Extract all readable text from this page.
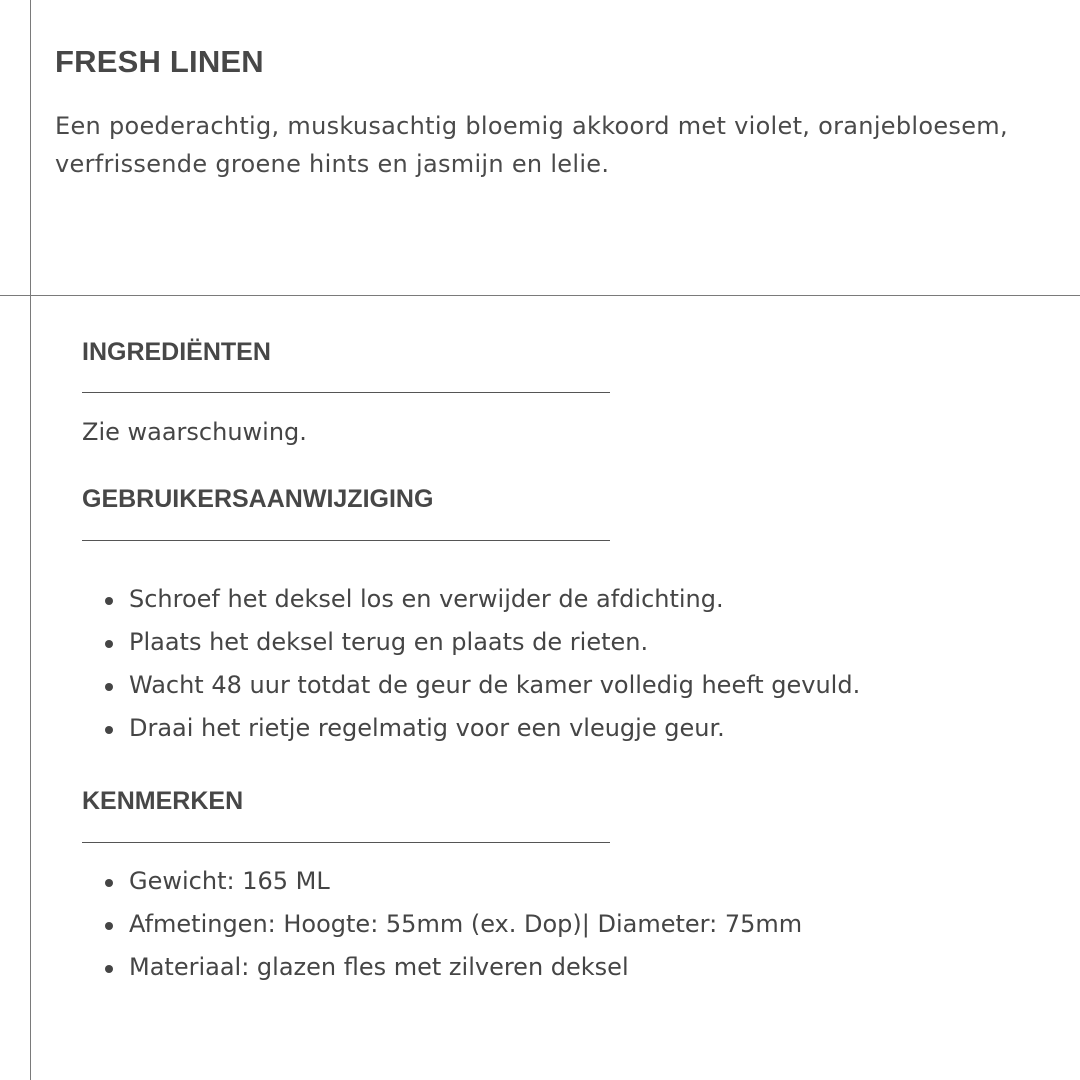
FRESH LINEN

Een poederachtig, muskusachtig bloemig akkoord met violet, oranjebloesem, verfrissende groene hints en jasmijn en lelie.

INGREDIËNTEN

Zie waarschuwing.

GEBRUIKERSAANWIJZIGING
Schroef het deksel los en verwijder de afdichting.
Plaats het deksel terug en plaats de rieten.
Wacht 48 uur totdat de geur de kamer volledig heeft gevuld.
Draai het rietje regelmatig voor een vleugje geur.
KENMERKEN
Gewicht: 165 ML
Afmetingen: Hoogte: 55mm (ex. Dop)| Diameter: 75mm
Materiaal: glazen fles met zilveren deksel
